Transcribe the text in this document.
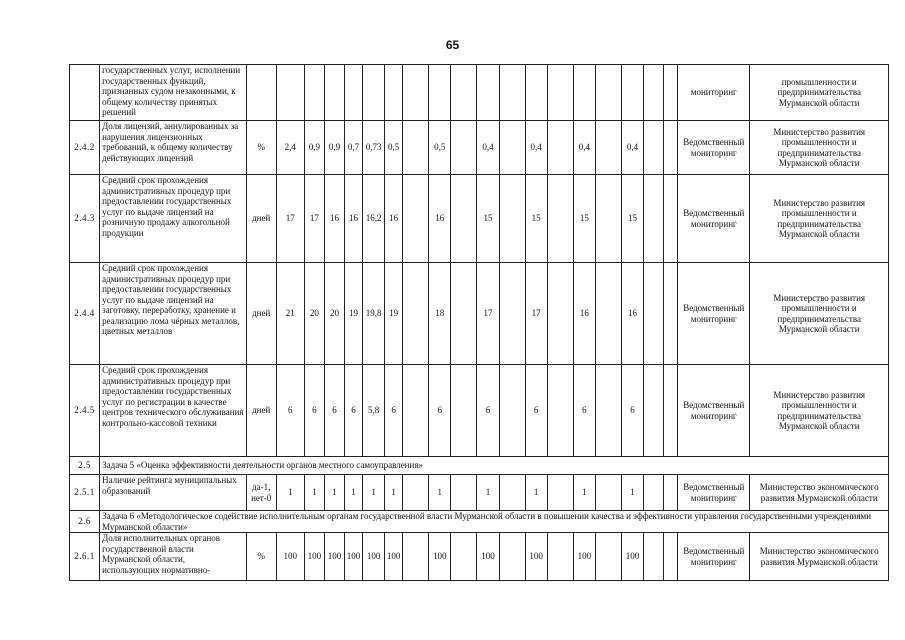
65
	государственных услуг, исполнении государственных функций, признанных судом незаконными, к общему количеству принятых решений																				мониторинг	промышленности и предпринимательства Мурманской области
2.4.2	Доля лицензий, аннулированных за нарушения лицензионных требований, к общему количеству действующих лицензий	%	2,4	0,9	0,9	0,7	0,73	0,5		0,5		0,4		0,4		0,4		0,4			Ведомственный мониторинг	Министерство развития промышленности и предпринимательства Мурманской области
2.4.3	Средний срок прохождения административных процедур при предоставлении государственных услуг по выдаче лицензий на розничную продажу алкогольной продукции	дней	17	17	16	16	16,2	16		16		15		15		15		15			Ведомственный мониторинг	Министерство развития промышленности и предпринимательства Мурманской области
2.4.4	Средний срок прохождения административных процедур при предоставлении государственных услуг по выдаче лицензий на заготовку, переработку, хранение и реализацию лома чёрных металлов, цветных металлов	дней	21	20	20	19	19,8	19		18		17		17		16		16			Ведомственный мониторинг	Министерство развития промышленности и предпринимательства Мурманской области
2.4.5	Средний срок прохождения административных процедур при предоставлении государственных услуг по регистрации в качестве центров технического обслуживания контрольно-кассовой техники	дней	6	6	6	6	5,8	6		6		6		6		6		6			Ведомственный мониторинг	Министерство развития промышленности и предпринимательства Мурманской области
2.5	Задача 5 «Оценка эффективности деятельности органов местного самоуправления»																					
2.5.1	Наличие рейтинга муниципальных образований	да-1, нет-0	1	1	1	1	1	1		1		1		1		1		1			Ведомственный мониторинг	Министерство экономического развития Мурманской области
2.6	Задача 6 «Методологическое содействие исполнительным органам государственной власти Мурманской области в повышении качества и эффективности управления государственными учреждениями Мурманской области»																					
2.6.1	Доля исполнительных органов государственной власти Мурманской области, использующих нормативно-	%	100	100	100	100	100	100		100		100		100		100		100			Ведомственный мониторинг	Министерство экономического развития Мурманской области
